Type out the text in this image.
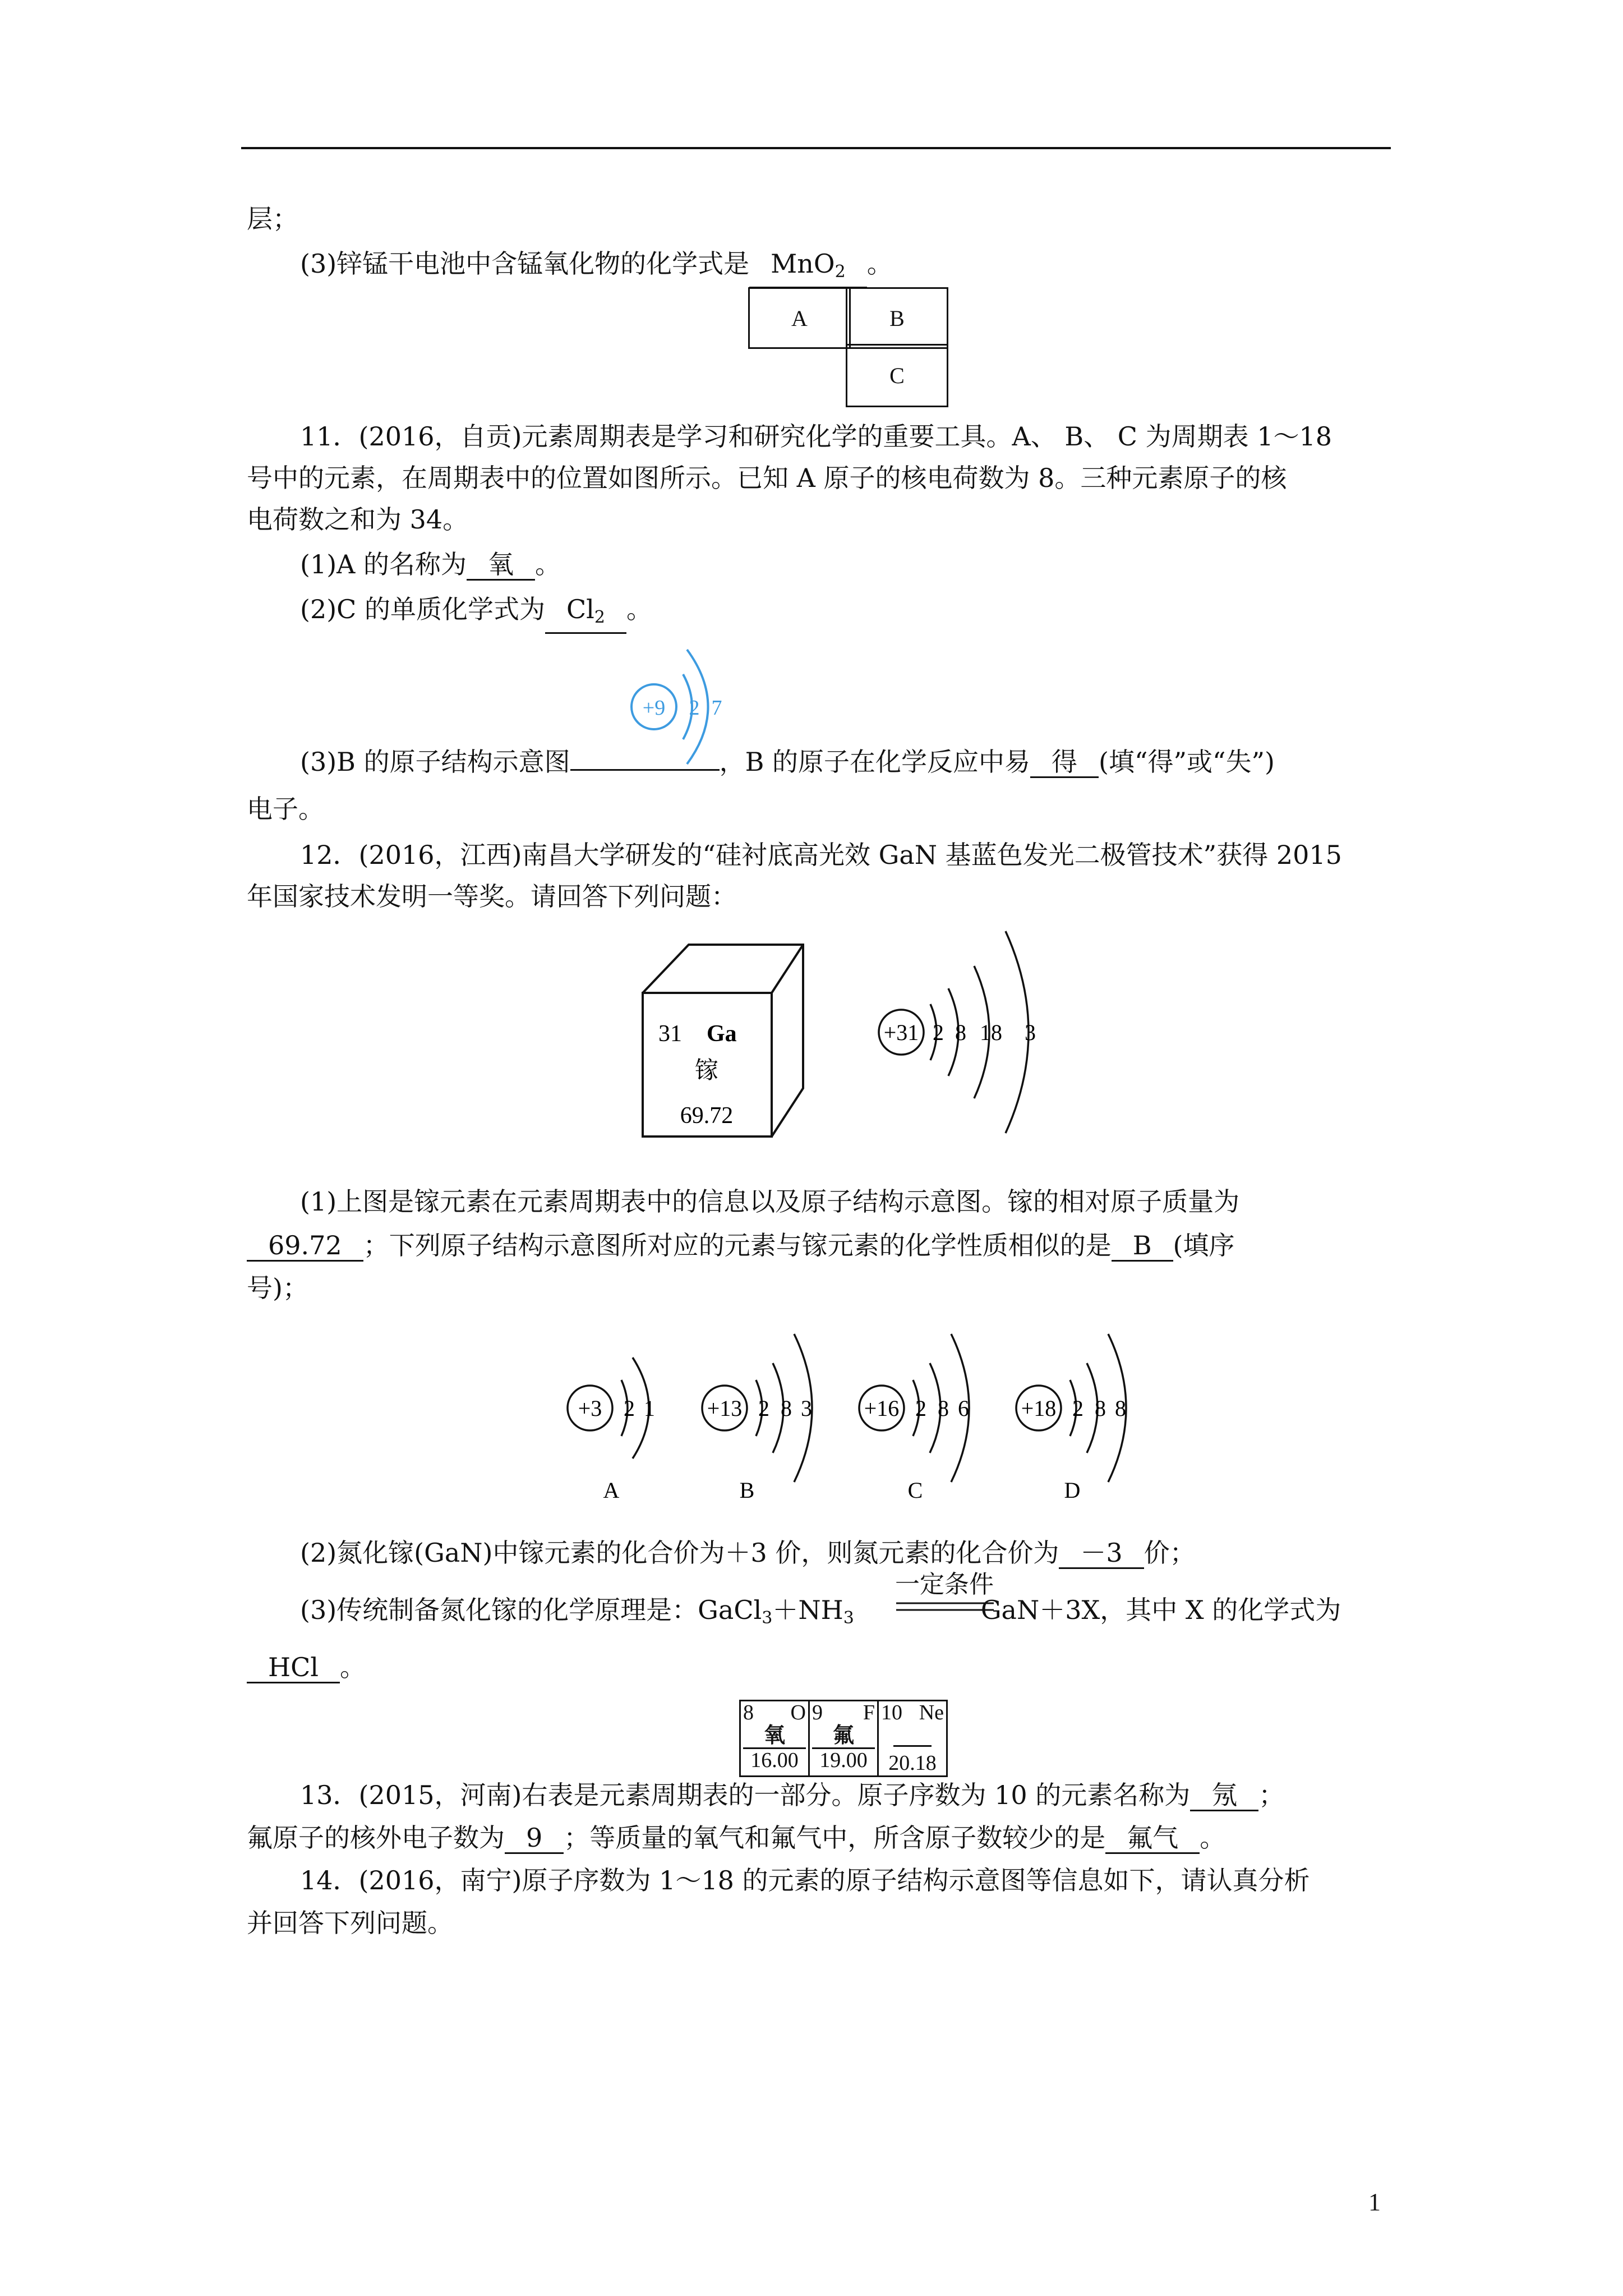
层；
(3)锌锰干电池中含锰氧化物的化学式是 MnO$_2$ 。
A	B
C
11．(2016，自贡)元素周期表是学习和研究化学的重要工具。A、 B、 C 为周期表 1～18
号中的元素，在周期表中的位置如图所示。已知 A 原子的核电荷数为 8。三种元素原子的核
电荷数之和为 34。
(1)A 的名称为 氧 。
(2)C 的单质化学式为 $Cl_2$ 。
+9 2 7
(3)B 的原子结构示意图	，B 的原子在化学反应中易 得 (填“得”或“失”)
电子。
12．(2016，江西)南昌大学研发的“硅衬底高光效 GaN 基蓝色发光二极管技术”获得 2015
年国家技术发明一等奖。请回答下列问题：
31 Ga
镓
69.72
+31 2 8 18 3
(1)上图是镓元素在元素周期表中的信息以及原子结构示意图。镓的相对原子质量为
69.72 ；下列原子结构示意图所对应的元素与镓元素的化学性质相似的是 B (填序
号)；
+3 2 1
A
+13 2 8 3
B
+16 2 8 6
C
+18 2 8 8
D
(2)氮化镓(GaN)中镓元素的化合价为＋3 价，则氮元素的化合价为 －3 价；
一定条件
(3)传统制备氮化镓的化学原理是：$GaCl_3+NH_3$	GaN＋3X，其中 X 的化学式为
HCl 。
8 O
氧
16.00

9 F
氟
19.00

10 Ne
20.18
13．(2015，河南)右表是元素周期表的一部分。原子序数为 10 的元素名称为 氖 ；
氟原子的核外电子数为 9 ；等质量的氧气和氟气中，所含原子数较少的是 氟气 。
14．(2016，南宁)原子序数为 1～18 的元素的原子结构示意图等信息如下，请认真分析
并回答下列问题。
1
